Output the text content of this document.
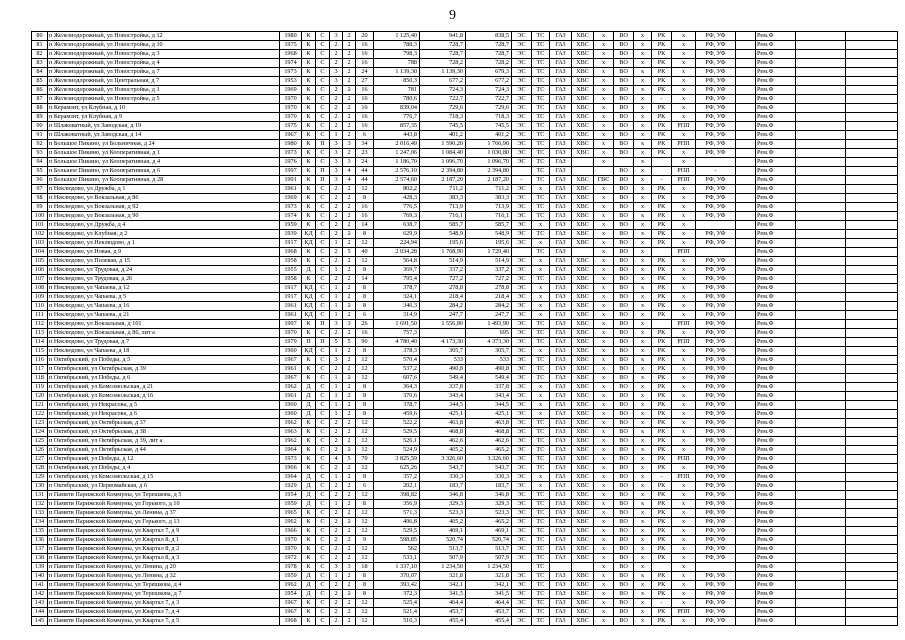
9
80	п Железнодорожный, ул Новостройка, д 12	1980	К	С	3	2	20	1 125,40	941,8	838,5	ЭС	ТС	ГАЗ	ХВС	х	ВО	х	РК	х	РФ, УФ		Рем.Ф		
81	п Железнодорожный, ул Новостройка, д 10	1975	К	С	2	2	16	788,3	728,7	728,7	ЭС	ТС	ГАЗ	ХВС	х	ВО	х	РК	х	РФ, УФ		Рем.Ф		
82	п Железнодорожный, ул Новостройка, д 3	1968	К	С	2	2	16	798,3	728,7	728,7	ЭС	ТС	ГАЗ	ХВС	х	ВО	х	РК	х	РФ, УФ		Рем.Ф		
83	п Железнодорожный, ул Новостройка, д 4	1974	К	С	2	2	16	788	728,2	728,2	ЭС	ТС	ГАЗ	ХВС	х	ВО	х	РК	х	РФ, УФ		Рем.Ф		
84	п Железнодорожный, ул Новостройка, д 7	1973	К	С	3	2	24	1 139,30	1 139,30	679,3	ЭС	ТС	ГАЗ	ХВС	х	ВО	х	РК	х	РФ, УФ		Рем.Ф		
85	п Железнодорожный, ул Центральная, д 7	1953	К	С	3	2	27	850,3	677,2	677,2	ЭС	ТС	ГАЗ	ХВС	х	ВО	х	РК	х	РФ, УФ		Рем.Ф		
86	п Железнодорожный, ул Новостройка, д 1	1969	К	С	2	2	16	781	724,3	724,3	ЭС	ТС	ГАЗ	ХВС	х	ВО	х	РК	х	РФ, УФ		Рем.Ф		
87	п Железнодорожный, ул Новостройка, д 5	1970	К	С	2	2	16	780,6	722,7	722,7	ЭС	ТС	ГАЗ	ХВС	х	ВО	х	-	х	РФ, УФ		Рем.Ф		
88	п Керамзит, ул Клубная, д 10	1970	К	С	2	2	16	839,04	729,6	729,6	ЭС	ТС	ГАЗ	ХВС	х	ВО	х	РК	х	РФ, УФ		Рем.Ф		
89	п Керамзит, ул Клубная, д 9	1970	К	С	2	2	16	776,7	718,3	718,3	ЭС	ТС	ГАЗ	ХВС	х	ВО	х	РК	х	РФ, УФ		Рем.Ф		
90	п Шлаковатный, ул Заводская, д 19	1975	К	С	2	2	16	857,35	745,5	745,5	ЭС	ТС	ГАЗ	ХВС	х	ВО	х	РК	РПП	РФ, УФ		Рем.Ф		
91	п Шлаковатный, ул Заводская, д 14	1967	К	С	1	2	6	443,8	401,2	401,2	ЭС	ТС	ГАЗ	ХВС	х	ВО	х	РК	х	РФ, УФ		Рем.Ф		
92	п Большое Пикино, ул Больничная, д 24	1980	К	П	3	3	34	2 016,49	1 590,20	1 766,90	ЭС	ТС	ГАЗ	ХВС	х	ВО	х	РК	РПП	РФ, УФ		Рем.Ф		
93	п Большое Пикино, ул Кооперативная, д 1	1973	К	С	3	2	23	1 247,06	1 084,40	1 030,80	ЭС	ТС	ГАЗ	ХВС	х	ВО	х	РК	х	РФ, УФ		Рем.Ф		
94	п Большое Пикино, ул Кооперативная, д 4	1976	К	С	3	3	24	1 186,70	1 096,70	1 096,70	ЭС	ТС	ГАЗ		х		х		х			Рем.Ф		
95	п Большое Пикино, ул Кооперативная, д 6	1997	К	П	3	4	44	2 576,10	2 394,80	2 394,80		ТС	ГАЗ			ВО	х		РПП	-		Рем.Ф		
96	п Большое Пикино, ул Кооперативная, д 28	1991	К	П	3	4	44	2 574,60	2 187,20	2 187,20	-	ТС	ГАЗ	ХВС	ГВС	ВО	х	-	РПП	РФ, УФ		Рем.Ф		
97	п Неклюдово, ул Дружба, д 1	1961	К	С	2	2	12	802,2	711,2	711,2	ЭС	х	ГАЗ	ХВС	х	ВО	х	РК	х	РФ, УФ		Рем.Ф		
98	п Неклюдово, ул Вокзальная, д 86	1969	К	С	2	2	8	428,3	383,3	383,3	ЭС	ТС	ГАЗ	ХВС	х	ВО	х	РК	х	РФ, УФ		Рем.Ф		
99	п Неклюдово, ул Вокзальная, д 92	1973	К	С	2	2	16	776,5	713,9	713,9	ЭС	ТС	ГАЗ	ХВС	х	ВО	х	РК	х	РФ, УФ		Рем.Ф		
100	п Неклюдово, ул Вокзальная, д 90	1974	К	С	2	2	16	769,3	716,1	716,1	ЭС	ТС	ГАЗ	ХВС	х	ВО	х	РК	х	РФ, УФ		Рем.Ф		
101	п Неклюдово, ул Дружба, д 4	1959	К	С	2	2	14	638,7	585,7	585,7	ЭС	х	ГАЗ	ХВС	х	ВО	х	РК	х			Рем.Ф		
102	п Неклюдово, ул Клубная, д 2	1939	КД	С	2	2	8	629,9	548,9	548,9	ЭС	ТС	ГАЗ	ХВС	х	ВО	х	РК	х	РФ, УФ		Рем.Ф		
103	п Неклюдово, ул Неклюдово, д 1	1917	КД	С	1	2	12	224,94	195,6	195,6	ЭС	х	ГАЗ	ХВС	х	ВО	х	РК	х	РФ, УФ		Рем.Ф		
104	п Неклюдово, ул Новая, д 9	1968	К	С	2	5	40	2 034,28	1 768,90	1 729,40		ТС	ГАЗ		х	ВО	х		РПП			Рем.Ф		
105	п Неклюдово, ул Полевая, д 15	1958	К	С	2	2	12	564,8	514,9	514,9	ЭС	х	ГАЗ	ХВС	х	ВО	х	РК	х	РФ, УФ		Рем.Ф		
106	п Неклюдово, ул Трудовая, д 24	1955	Д	С	1	2	8	369,7	337,2	337,2	ЭС	х	ГАЗ	ХВС	х	ВО	х	РК	х	РФ, УФ		Рем.Ф		
107	п Неклюдово, ул Трудовая, д 26	1958	К	С	2	2	14	795,4	727,2	727,2	ЭС	ТС	ГАЗ	ХВС	х	ВО	х	РК	х	РФ, УФ		Рем.Ф		
108	п Неклюдово, ул Чапаева, д 12	1917	КД	С	1	2	8	378,7	278,8	278,8	ЭС	х	ГАЗ	ХВС	х	ВО	х	РК	х	РФ, УФ		Рем.Ф		
109	п Неклюдово, ул Чапаева, д 5	1917	КД	С	1	2	8	324,1	218,4	218,4	ЭС	х	ГАЗ	ХВС	х	ВО	х	РК	х	РФ, УФ		Рем.Ф		
110	п Неклюдово, ул Чапаева, д 16	1961	КД	С	1	2	8	346,3	284,2	284,2	ЭС	х	ГАЗ	ХВС	х	ВО	х	РК	х	РФ, УФ		Рем.Ф		
111	п Неклюдово, ул Чапаева, д 21	1961	КД	С	1	2	6	314,9	247,7	247,7	ЭС	х	ГАЗ	ХВС	х	ВО	х	РК	х	РФ, УФ		Рем.Ф		
112	п Неклюдово, ул Вокзальная, д 101	1997	К	П	3	3	26	1 691,50	1 556,80	1 493,90	ЭС	ТС	ГАЗ	ХВС	х	ВО	х		РПП	РФ, УФ		Рем.Ф		
113	п Неклюдово, ул Вокзальная, д 86, лит а	1970	К	С	2	2	16	757,3		695	ЭС	ТС	ГАЗ	ХВС	х	ВО	х	РК	х	РФ, УФ		Рем.Ф		
114	п Неклюдово, ул Трудовая, д 7	1979	П	П	5	5	90	4 780,40	4 173,30	4 373,30	ЭС	ТС	ГАЗ	ХВС	х	ВО	х	РК	РПП	РФ, УФ		Рем.Ф		
115	п Неклюдово, ул Чапаева, д 18	1960	КД	С	1	2	8	378,3	305,7	305,7	ЭС	х	ГАЗ	ХВС	х	ВО	х	РК	х	РФ, УФ		Рем.Ф		
116	п Октябрьский, ул Победы, д 5	1967	К	С	3	2	12	570,4	533	533	ЭС	ТС	ГАЗ	ХВС	х	ВО	х	РК	х	РФ, УФ		Рем.Ф		
117	п Октябрьский, ул Октябрьская, д 39	1961	К	С	2	2	12	537,2	490,8	490,8	ЭС	ТС	ГАЗ	ХВС	х	ВО	х	РК	х	РФ, УФ		Рем.Ф		
118	п Октябрьский, ул Победы, д 6	1967	К	С	1	2	12	607,6	549,4	549,4	ЭС	ТС	ГАЗ	ХВС	х	ВО	х	РК	х	РФ, УФ		Рем.Ф		
119	п Октябрьский, ул Комсомольская, д 21	1962	Д	С	1	2	8	364,3	337,8	337,8	ЭС	х	ГАЗ	ХВС	х	ВО	х	РК	х	РФ, УФ		Рем.Ф		
120	п Октябрьский, ул Комсомольская, д 16	1961	Д	С	1	2	8	370,6	343,4	343,4	ЭС	х	ГАЗ	ХВС	х	ВО	х	РК	х	РФ, УФ		Рем.Ф		
121	п Октябрьский, ул Некрасова, д 5	1960	Д	С	1	2	8	378,7	344,5	344,5	ЭС	х	ГАЗ	ХВС	х	ВО	х	РК	х	РФ, УФ		Рем.Ф		
122	п Октябрьский, ул Некрасова, д 6	1960	Д	С	1	2	8	459,6	425,1	425,1	ЭС	х	ГАЗ	ХВС	х	ВО	х	РК	х	РФ, УФ		Рем.Ф		
123	п Октябрьский, ул Октябрьская, д 37	1962	К	С	2	2	12	522,2	463,8	463,8	ЭС	ТС	ГАЗ	ХВС	х	ВО	х	РК	х	РФ, УФ		Рем.Ф		
124	п Октябрьский, ул Октябрьская, д 38	1963	К	С	2	2	12	529,5	468,8	468,8	ЭС	ТС	ГАЗ	ХВС	х	ВО	х	РК	х	РФ, УФ		Рем.Ф		
125	п Октябрьский, ул Октябрьская, д 39, лит а	1962	К	С	2	2	12	526,1	462,6	462,6	ЭС	ТС	ГАЗ	ХВС	х	ВО	х	РК	х	РФ, УФ		Рем.Ф		
126	п Октябрьский, ул Октябрьская, д 44	1964	К	С	2	2	12	524,9	465,2	465,2	ЭС	ТС	ГАЗ	ХВС	х	ВО	х	РК	х	РФ, УФ		Рем.Ф		
127	п Октябрьский, ул Победы, д 12	1973	К	С	4	5	70	3 825,59	3 326,60	3 326,60	ЭС	ТС	ГАЗ	ХВС	х	ВО	х	РК	РПП	РФ, УФ		Рем.Ф		
128	п Октябрьский, ул Победы, д 4	1966	К	С	2	2	12	625,26	543,7	543,7	ЭС	ТС	ГАЗ	ХВС	х	ВО	х	РК	х	РФ, УФ		Рем.Ф		
129	п Октябрьский, ул Комсомольская, д 15	1964	Д	С	1	2	8	357,2	330,3	330,3	ЭС	х	ГАЗ	ХВС	х	ВО	х	-	РПП	РФ, УФ		Рем.Ф		
130	п Октябрьский, ул Первомайская, д 6	1929	Д	С	2	2	6	202,1	183,7	183,7	ЭС	х	ГАЗ	ХВС	х	ВО	х	РК	х	РФ, УФ		Рем.Ф		
131	п Памяти Парижской Коммуны, ул Терешкова, д 5	1954	Д	С	2	2	12	398,82	346,8	346,8	ЭС	ТС	ГАЗ	ХВС	х	ВО	х	РК	х	РФ, УФ		Рем.Ф		
132	п Памяти Парижской Коммуны, ул Горького, д 10	1959	Д	С	1	2	8	356,9	329,3	329,3	ЭС	ТС	ГАЗ	ХВС	х	ВО	х	РК	х	РФ, УФ		Рем.Ф		
133	п Памяти Парижской Коммуны, ул Ленина, д 37	1965	К	С	2	2	12	571,3	523,3	523,3	ЭС	ТС	ГАЗ	ХВС	х	ВО	х	РК	х	РФ, УФ		Рем.Ф		
134	п Памяти Парижской Коммуны, ул Горького, д 13	1962	К	С	2	2	12	496,8	465,2	465,2	ЭС	ТС	ГАЗ	ХВС	х	ВО	х	РК	х	РФ, УФ		Рем.Ф		
135	п Памяти Парижской Коммуны, ул Квартал 7, д 9	1966	К	С	2	2	12	529,5	469,1	469,1	ЭС	ТС	ГАЗ	ХВС	х	ВО	х	РК	х	РФ, УФ		Рем.Ф		
136	п Памяти Парижской Коммуны, ул Квартал 8, д 1	1970	К	С	2	2	9	598,85	520,74	520,74	ЭС	ТС	ГАЗ	ХВС	х	ВО	х	РК	х	РФ, УФ		Рем.Ф		
137	п Памяти Парижской Коммуны, ул Квартал 8, д 2	1970	К	С	2	2	12	562	513,7	513,7	ЭС	ТС	ГАЗ	ХВС	х	ВО	х	РК	х	РФ, УФ		Рем.Ф		
138	п Памяти Парижской Коммуны, ул Квартал 8, д 3	1972	К	С	2	2	12	533,1	507,9	507,9	ЭС	ТС	ГАЗ	ХВС	х	ВО	х	РК	х	РФ, УФ		Рем.Ф		
139	п Памяти Парижской Коммуны, ул Ленина, д 20	1978	К	С	3	3	18	1 337,10	1 234,50	1 234,50		ТС			х	ВО	х		х			Рем.Ф		
140	п Памяти Парижской Коммуны, ул Ленина, д 32	1959	Д	С	1	2	8	370,07	321,8	321,8	ЭС	ТС	ГАЗ	ХВС	х	ВО	х	РК	х	РФ, УФ		Рем.Ф		
141	п Памяти Парижской Коммуны, ул Терешкова, д 4	1962	Д	С	2	2	8	393,42	342,1	342,1	ЭС	ТС	ГАЗ	ХВС	х	ВО	х	РК	х	РФ, УФ		Рем.Ф		
142	п Памяти Парижской Коммуны, ул Терешкова, д 7	1954	Д	С	2	2	8	372,3	341,5	341,5	ЭС	ТС	ГАЗ	ХВС	х	ВО	х	РК	х	РФ, УФ		Рем.Ф		
143	п Памяти Парижской Коммуны, ул Квартал 7, д 3	1967	К	С	2	2	12	525,4	464,4	464,4	ЭС	ТС	ГАЗ	ХВС	х	ВО	х	-	х	РФ, УФ		Рем.Ф		
144	п Памяти Парижской Коммуны, ул Квартал 7, д 4	1967	К	С	2	2	12	521,4	453,7	453,7	ЭС	ТС	ГАЗ	ХВС	х	ВО	х	РК	РПП	РФ, УФ		Рем.Ф		
145	п Памяти Парижской Коммуны, ул Квартал 7, д 5	1968	К	С	2	2	12	516,3	455,4	455,4	ЭС	ТС	ГАЗ	ХВС	х	ВО	х	РК	х	РФ, УФ		Рем.Ф		
